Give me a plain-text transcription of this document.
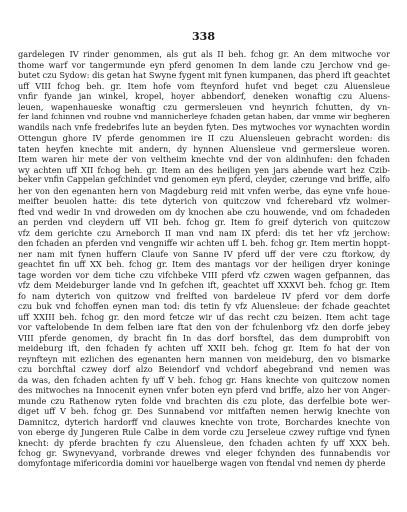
338
gardelegen IV rinder genommen, als gut als II beh. fchog gr. An dem mitwoche vor
thome warf vor tangermunde eyn pferd genomen In dem lande czu Jerchow vnd ge-
butet czu Sydow: dis getan hat Swyne fygent mit fynen kumpanen, das pherd ift geachtet
uff VIII fchog beh. gr. Item hofe vom fteynford hufet vnd beget czu Aluensleue
vnfir fyande jan winkel, kropel, hoyer abbendorf, deneken wonaftig czu Aluens-
leuen, wapenhaueske wonaftig czu germersleuen vnd heynrich fchutten, dy vn-
fer land fchinnen vnd roubne vnd mannicherleye fchaden getan haben, dar vmme wir begheren
wandils nach vnfe fredebrifes lute an beyden fyten. Des mytwoches vor wynachten wordin
Ottengun ghore IV pferde genommen ire II czu Aluensleuen gebracht worden: dis
taten heyfen knechte mit andern, dy hynnen Aluensleue vnd germersleue woren.
Item waren hir mete der von veltheim knechte vnd der von aldinhufen: den fchaden
wy achten uff XII fchog beh. gr. Item an des heiligen yen jars abende wart hez Czib-
beker vnfin Cappelan gefchindet vnd genomen eyn pferd, cleyder, czerunge vnd briffe, alfo
her von den egenanten hern von Magdeburg reid mit vnfen werbe, das eyne vnfe houe-
meifter beuolen hatte: dis tete dyterich von quitczow vnd fcherebard vfz wolmer-
fted vnd wedir In vnd droweden om dy knochen abe czu houwende, vnd om fchadeden
an perden vnd cleydern uff VII beh. fchog gr. Item fo greif dyterich von quitczow
vfz dem gerichte czu Arneborch II man vnd nam IX pferd: dis tet her vfz jerchow:
den fchaden an pferden vnd vengniffe wir achten uff L beh. fchog gr. Item mertin hoppt-
ner nam mit fynen huffern Claufe von Sanne IV pferd uff der vere czu ftorkow, dy
geachtet fin uff XX beh. fchog gr. Item des mantags vor der heiligen dryer koninge
tage worden vor dem tiche czu vifchbeke VIII pferd vfz czwen wagen gefpannen, das
vfz dem Meideburger lande vnd In gefchen ift, geachtet uff XXXVI beh. fchog gr. Item
fo nam dyterich von quitzow vnd frelfted von bardeleue IV pferd vor dem dorfe
czu buk vnd fchoffen eynen man tod: dis tetin fy vfz Aluensleue: der fchade geachtet
uff XXIII beh. fchog gr. den mord fetcze wir uf das recht czu beizen. Item acht tage
vor vaftelobende In dem felben iare ftat den von der fchulenborg vfz den dorfe jebey
VIII pferde genomen, dy bracht fin In das dorf borsftel, das dem dumprobift von
meideburg ift, den fchaden fy achten uff XXII beh. fchog gr. Item fo hat der von
reynfteyn mit ezlichen des egenanten hern mannen von meideburg, den vo bismarke
czu borchftal czwey dorf alzo Beiendorf vnd vchdorf abegebrand vnd nemen was
da was, den fchaden achten fy uff V beh. fchog gr. Hans knechte von quitczow nomen
des mitwoches na Innocenit eynen vnfer boten eyn pferd vnd briffe, alzo her von Anger-
munde czu Rathenow ryten folde vnd brachten dis czu plote, das derfelbie bote wer-
diget uff V beh. fchog gr. Des Sunnabend vor mitfaften nemen herwig knechte von
Damnitcz, dyterich hardorff vnd clauwes knechte von trote, Borchardes knechte von
von eberge dy Jungeren Rule Calbe in dem vorde czu Jerseleue czwey ruftige vnd fynen
knecht: dy pferde brachten fy czu Aluensleue, den fchaden achten fy uff XXX beh.
fchog gr. Swynevyand, vorbrande drewes vnd eleger fchynden des funnabendis vor
domyfontage mifericordia domini vor hauelberge wagen von ftendal vnd nemen dy pherde
